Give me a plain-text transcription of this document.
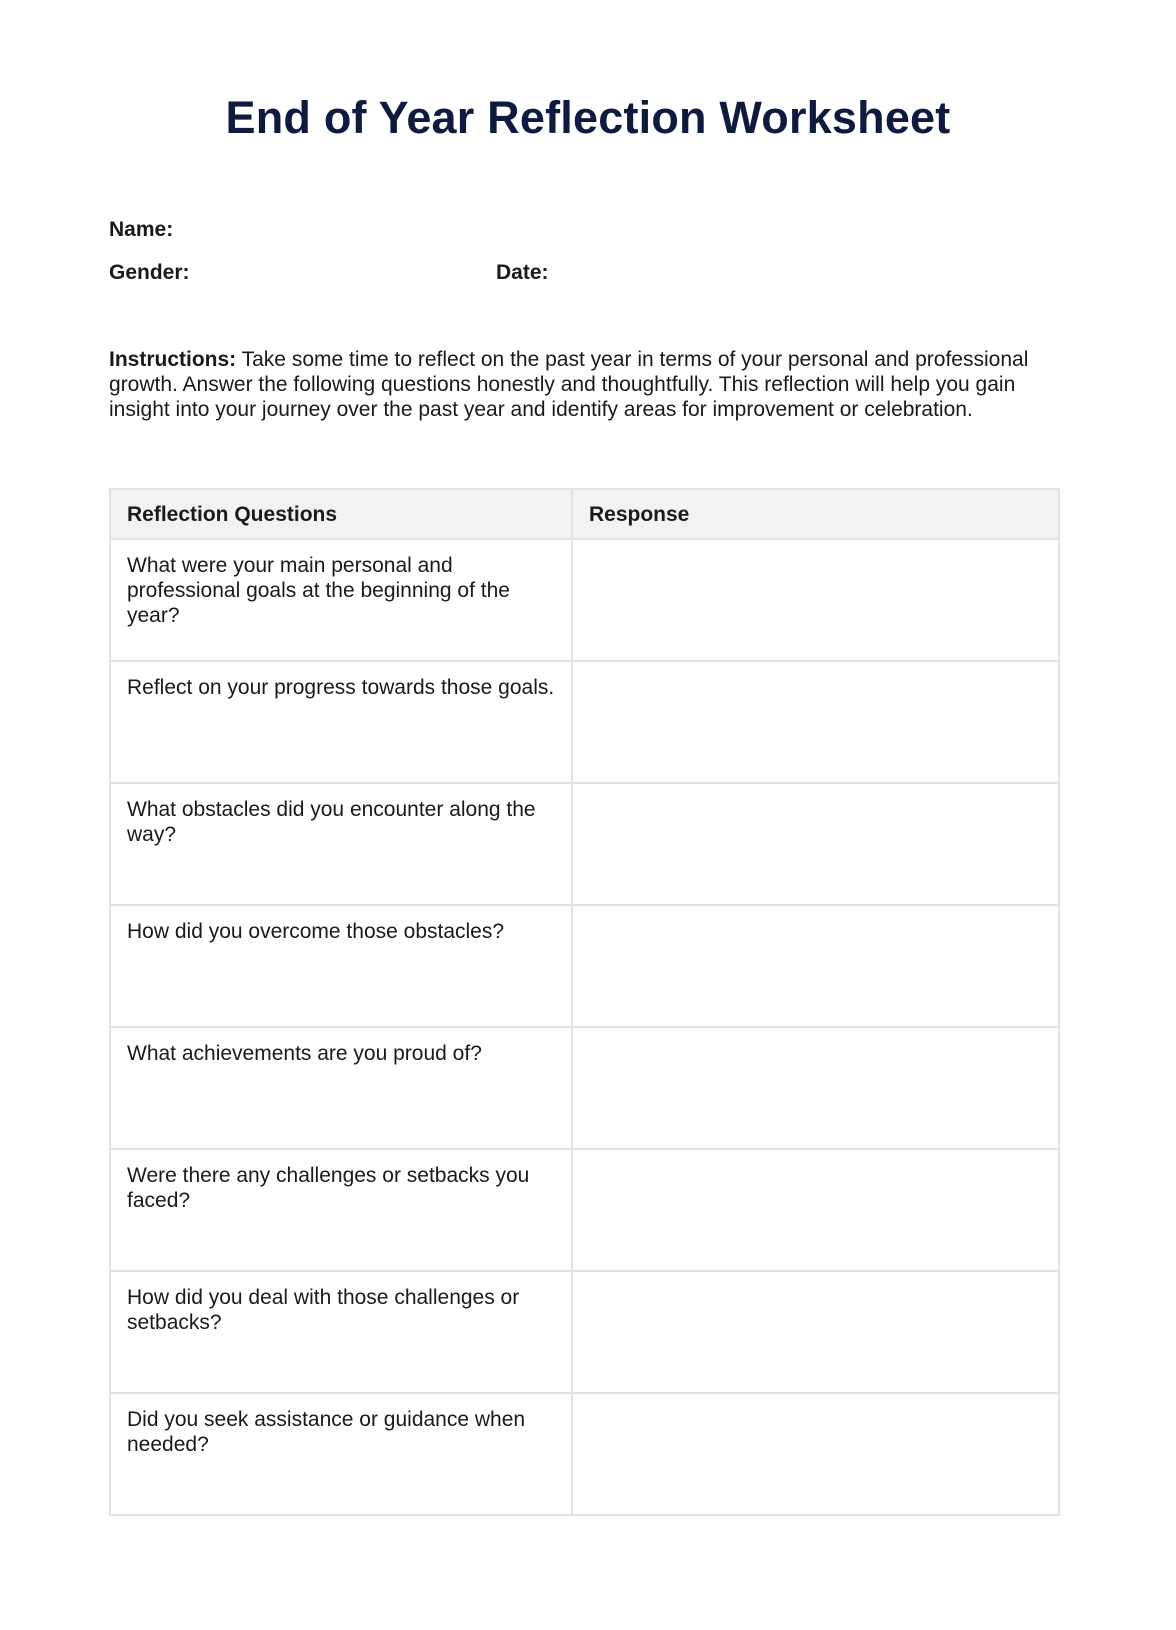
End of Year Reflection Worksheet
Name:
Gender:	Date:

Instructions: Take some time to reflect on the past year in terms of your personal and professional growth. Answer the following questions honestly and thoughtfully. This reflection will help you gain insight into your journey over the past year and identify areas for improvement or celebration.

Reflection Questions	Response
What were your main personal and professional goals at the beginning of the year?	
Reflect on your progress towards those goals.	
What obstacles did you encounter along the way?	
How did you overcome those obstacles?	
What achievements are you proud of?	
Were there any challenges or setbacks you faced?	
How did you deal with those challenges or setbacks?	
Did you seek assistance or guidance when needed?	
